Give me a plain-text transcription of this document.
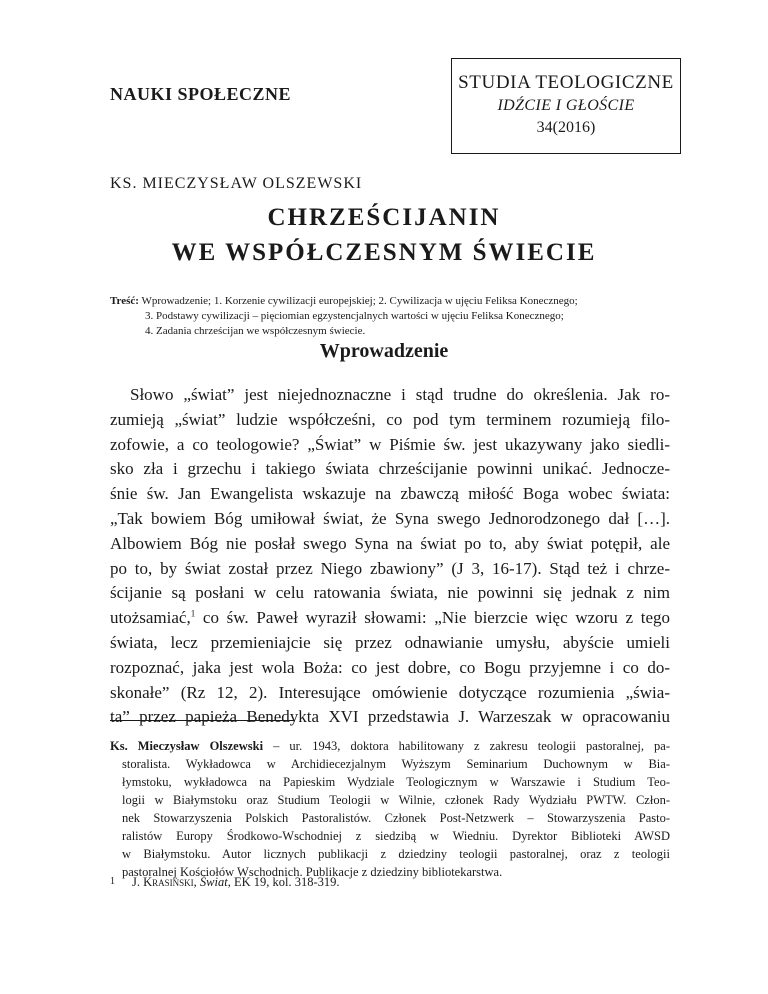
NAUKI SPOŁECZNE
STUDIA TEOLOGICZNE
IDŹCIE I GŁOŚCIE
34(2016)
KS. MIECZYSŁAW OLSZEWSKI
CHRZEŚCIJANIN
WE WSPÓŁCZESNYM ŚWIECIE
Treść: Wprowadzenie; 1. Korzenie cywilizacji europejskiej; 2. Cywilizacja w ujęciu Feliksa Konecznego;
3. Podstawy cywilizacji – pięciomian egzystencjalnych wartości w ujęciu Feliksa Konecznego;
4. Zadania chrześcijan we współczesnym świecie.
Wprowadzenie
Słowo „świat” jest niejednoznaczne i stąd trudne do określenia. Jak ro-
zumieją „świat” ludzie współcześni, co pod tym terminem rozumieją filo-
zofowie, a co teologowie? „Świat” w Piśmie św. jest ukazywany jako siedli-
sko zła i grzechu i takiego świata chrześcijanie powinni unikać. Jednocze-
śnie św. Jan Ewangelista wskazuje na zbawczą miłość Boga wobec świata:
„Tak bowiem Bóg umiłował świat, że Syna swego Jednorodzonego dał […].
Albowiem Bóg nie posłał swego Syna na świat po to, aby świat potępił, ale
po to, by świat został przez Niego zbawiony” (J 3, 16-17). Stąd też i chrze-
ścijanie są posłani w celu ratowania świata, nie powinni się jednak z nim
utożsamiać,$^1$ co św. Paweł wyraził słowami: „Nie bierzcie więc wzoru z tego
świata, lecz przemieniajcie się przez odnawianie umysłu, abyście umieli
rozpoznać, jaka jest wola Boża: co jest dobre, co Bogu przyjemne i co do-
skonałe” (Rz 12, 2). Interesujące omówienie dotyczące rozumienia „świa-
ta” przez papieża Benedykta XVI przedstawia J. Warzeszak w opracowaniu
Ks. Mieczysław Olszewski – ur. 1943, doktora habilitowany z zakresu teologii pastoralnej, pa-
storalista. Wykładowca w Archidiecezjalnym Wyższym Seminarium Duchownym w Bia-
łymstoku, wykładowca na Papieskim Wydziale Teologicznym w Warszawie i Studium Teo-
logii w Białymstoku oraz Studium Teologii w Wilnie, członek Rady Wydziału PWTW. Człon-
nek Stowarzyszenia Polskich Pastoralistów. Członek Post-Netzwerk – Stowarzyszenia Pasto-
ralistów Europy Środkowo-Wschodniej z siedzibą w Wiedniu. Dyrektor Biblioteki AWSD
w Białymstoku. Autor licznych publikacji z dziedziny teologii pastoralnej, oraz z teologii
pastoralnej Kościołów Wschodnich. Publikacje z dziedziny bibliotekarstwa.
1 J. Krasiński, Świat, EK 19, kol. 318-319.
